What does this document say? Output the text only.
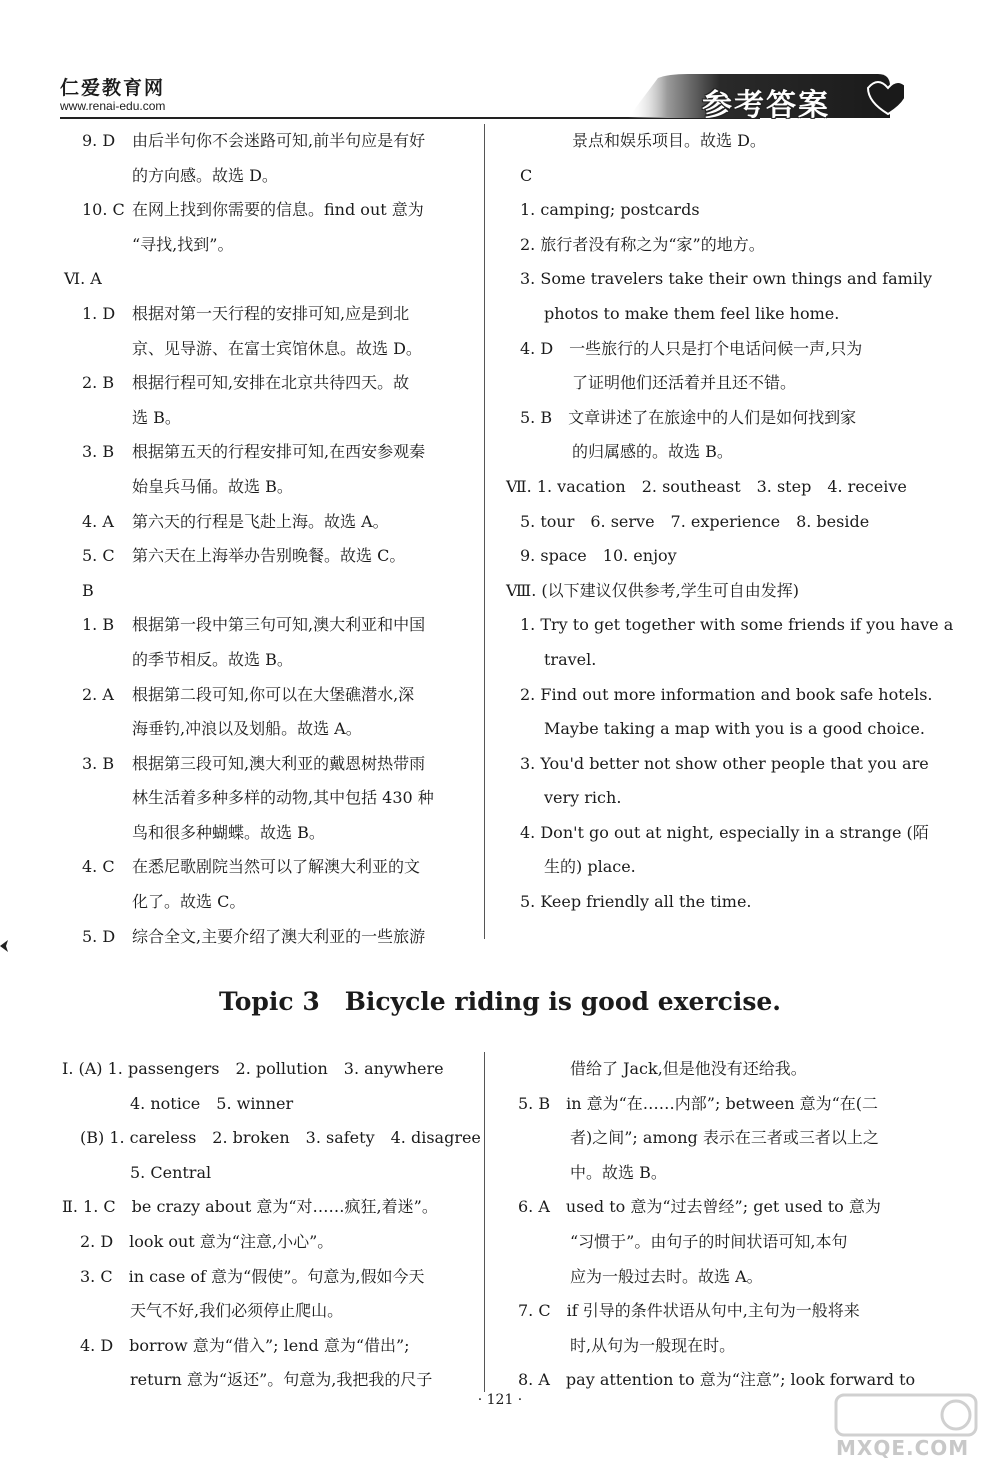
仁爱教育网
www.renai-edu.com	参考答案

9. D 由后半句你不会迷路可知,前半句应是有好

的方向感。故选 D。

10. C 在网上找到你需要的信息。find out 意为

“寻找,找到”。

Ⅵ. A

1. D 根据对第一天行程的安排可知,应是到北

京、见导游、在富士宾馆休息。故选 D。

2. B 根据行程可知,安排在北京共待四天。故

选 B。

3. B 根据第五天的行程安排可知,在西安参观秦

始皇兵马俑。故选 B。

4. A 第六天的行程是飞赴上海。故选 A。

5. C 第六天在上海举办告别晚餐。故选 C。

B

1. B 根据第一段中第三句可知,澳大利亚和中国

的季节相反。故选 B。

2. A 根据第二段可知,你可以在大堡礁潜水,深

海垂钓,冲浪以及划船。故选 A。

3. B 根据第三段可知,澳大利亚的戴恩树热带雨

林生活着多种多样的动物,其中包括 430 种

鸟和很多种蝴蝶。故选 B。

4. C 在悉尼歌剧院当然可以了解澳大利亚的文

化了。故选 C。

5. D 综合全文,主要介绍了澳大利亚的一些旅游

景点和娱乐项目。故选 D。

C

1. camping; postcards

2. 旅行者没有称之为“家”的地方。

3. Some travelers take their own things and family

photos to make them feel like home.

4. D　一些旅行的人只是打个电话问候一声,只为

了证明他们还活着并且还不错。

5. B　文章讲述了在旅途中的人们是如何找到家

的归属感的。故选 B。

Ⅶ. 1. vacation　2. southeast　3. step　4. receive

5. tour　6. serve　7. experience　8. beside

9. space　10. enjoy

Ⅷ. (以下建议仅供参考,学生可自由发挥)

1. Try to get together with some friends if you have a

travel.

2. Find out more information and book safe hotels.

Maybe taking a map with you is a good choice.

3. You'd better not show other people that you are

very rich.

4. Don't go out at night, especially in a strange (陌

生的) place.

5. Keep friendly all the time.

Topic 3　Bicycle riding is good exercise.

Ⅰ. (A) 1. passengers　2. pollution　3. anywhere

4. notice　5. winner

(B) 1. careless　2. broken　3. safety　4. disagree

5. Central

Ⅱ. 1. C　be crazy about 意为“对……疯狂,着迷”。

2. D　look out 意为“注意,小心”。

3. C　in case of 意为“假使”。句意为,假如今天

天气不好,我们必须停止爬山。

4. D　borrow 意为“借入”; lend 意为“借出”;

return 意为“返还”。句意为,我把我的尺子

借给了 Jack,但是他没有还给我。

5. B　in 意为“在……内部”; between 意为“在(二

者)之间”; among 表示在三者或三者以上之

中。故选 B。

6. A　used to 意为“过去曾经”; get used to 意为

“习惯于”。由句子的时间状语可知,本句

应为一般过去时。故选 A。

7. C　if 引导的条件状语从句中,主句为一般将来

时,从句为一般现在时。

8. A　pay attention to 意为“注意”; look forward to

· 121 ·
MXQE.COM
